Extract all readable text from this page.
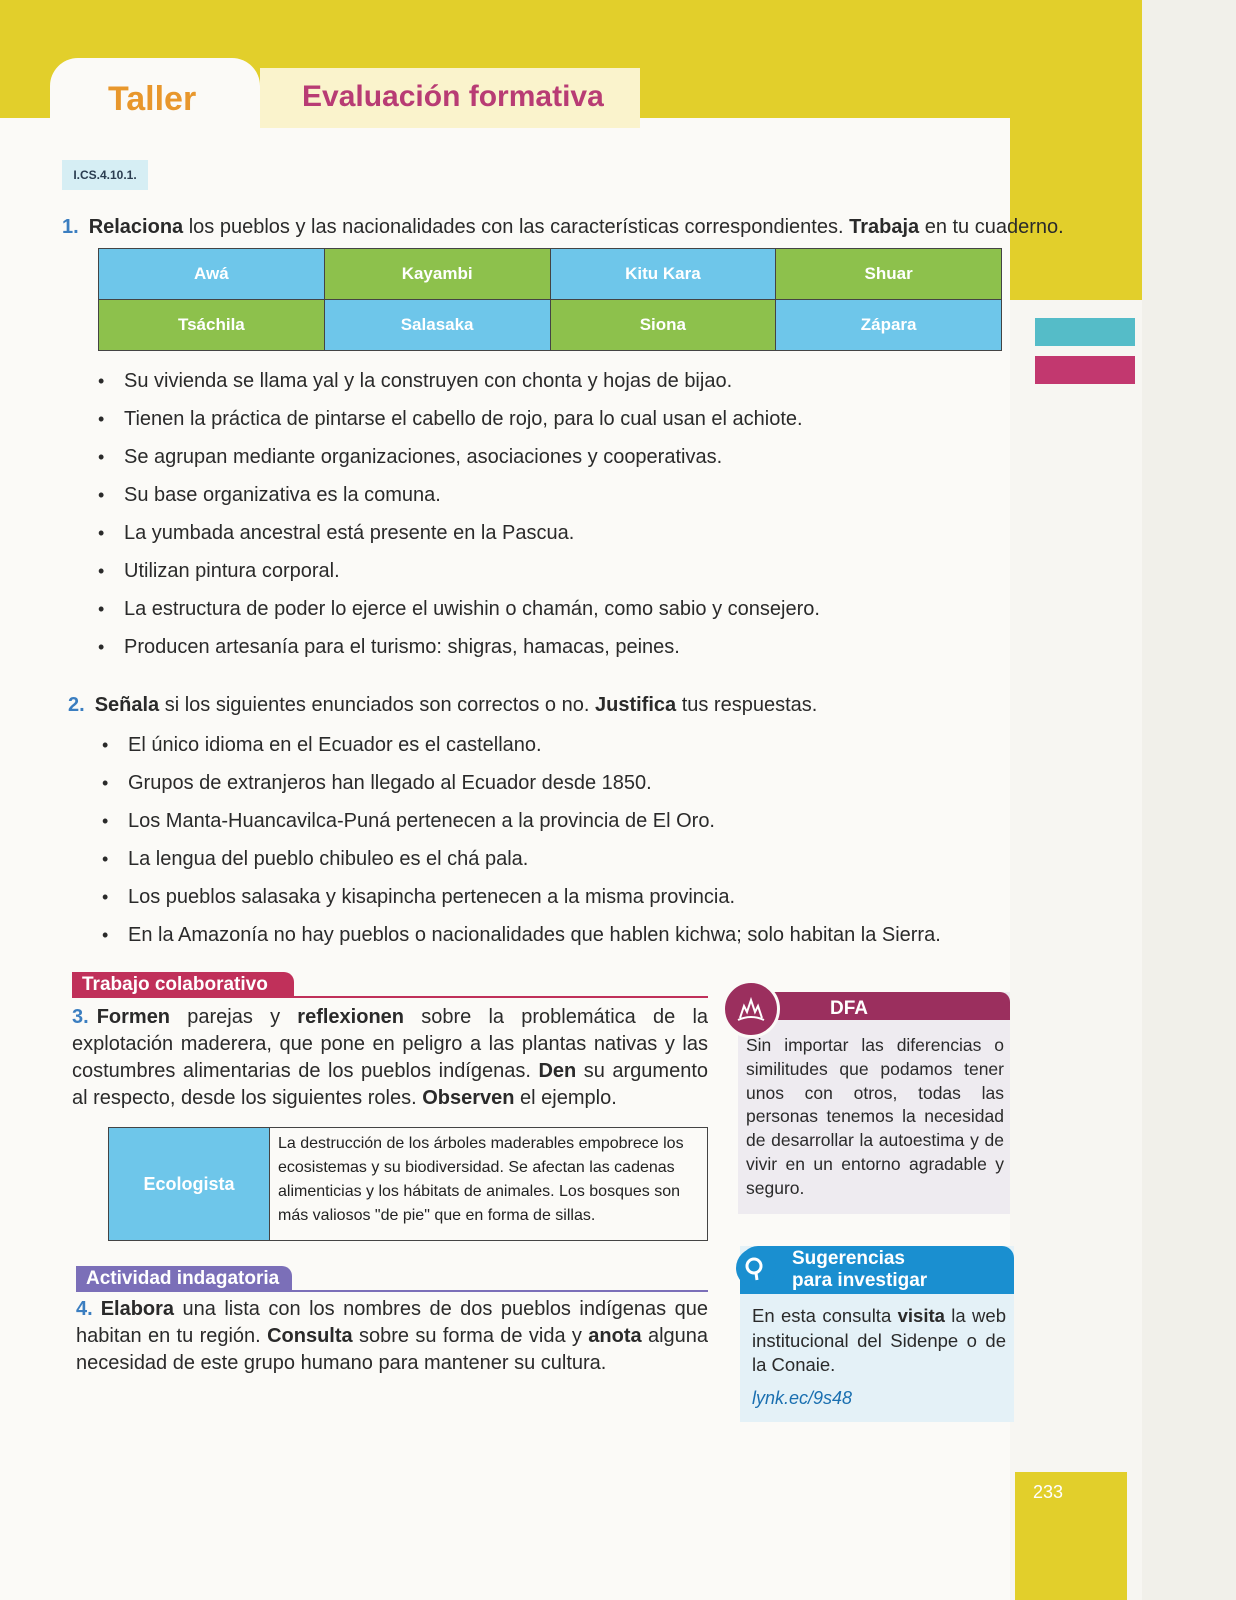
Taller	Evaluación formativa
I.CS.4.10.1.
1. Relaciona los pueblos y las nacionalidades con las características correspondientes. Trabaja en tu cuaderno.
Awá	Kayambi	Kitu Kara	Shuar
Tsáchila	Salasaka	Siona	Zápara
• Su vivienda se llama yal y la construyen con chonta y hojas de bijao.
• Tienen la práctica de pintarse el cabello de rojo, para lo cual usan el achiote.
• Se agrupan mediante organizaciones, asociaciones y cooperativas.
• Su base organizativa es la comuna.
• La yumbada ancestral está presente en la Pascua.
• Utilizan pintura corporal.
• La estructura de poder lo ejerce el uwishin o chamán, como sabio y consejero.
• Producen artesanía para el turismo: shigras, hamacas, peines.
2. Señala si los siguientes enunciados son correctos o no. Justifica tus respuestas.
• El único idioma en el Ecuador es el castellano.
• Grupos de extranjeros han llegado al Ecuador desde 1850.
• Los Manta-Huancavilca-Puná pertenecen a la provincia de El Oro.
• La lengua del pueblo chibuleo es el chá pala.
• Los pueblos salasaka y kisapincha pertenecen a la misma provincia.
• En la Amazonía no hay pueblos o nacionalidades que hablen kichwa; solo habitan la Sierra.
Trabajo colaborativo
3. Formen parejas y reflexionen sobre la problemática de la explotación maderera, que pone en peligro a las plantas nativas y las costumbres alimentarias de los pueblos indígenas. Den su argumento al respecto, desde los siguientes roles. Observen el ejemplo.
Ecologista
La destrucción de los árboles maderables empobrece los ecosistemas y su biodiversidad. Se afectan las cadenas alimenticias y los hábitats de animales. Los bosques son más valiosos "de pie" que en forma de sillas.
Actividad indagatoria
4. Elabora una lista con los nombres de dos pueblos indígenas que habitan en tu región. Consulta sobre su forma de vida y anota alguna necesidad de este grupo humano para mantener su cultura.
DFA
Sin importar las diferencias o similitudes que podamos tener unos con otros, todas las personas tenemos la necesidad de desarrollar la autoestima y de vivir en un entorno agradable y seguro.
Sugerencias
para investigar
En esta consulta visita la web institucional del Sidenpe o de la Conaie.
lynk.ec/9s48
233
